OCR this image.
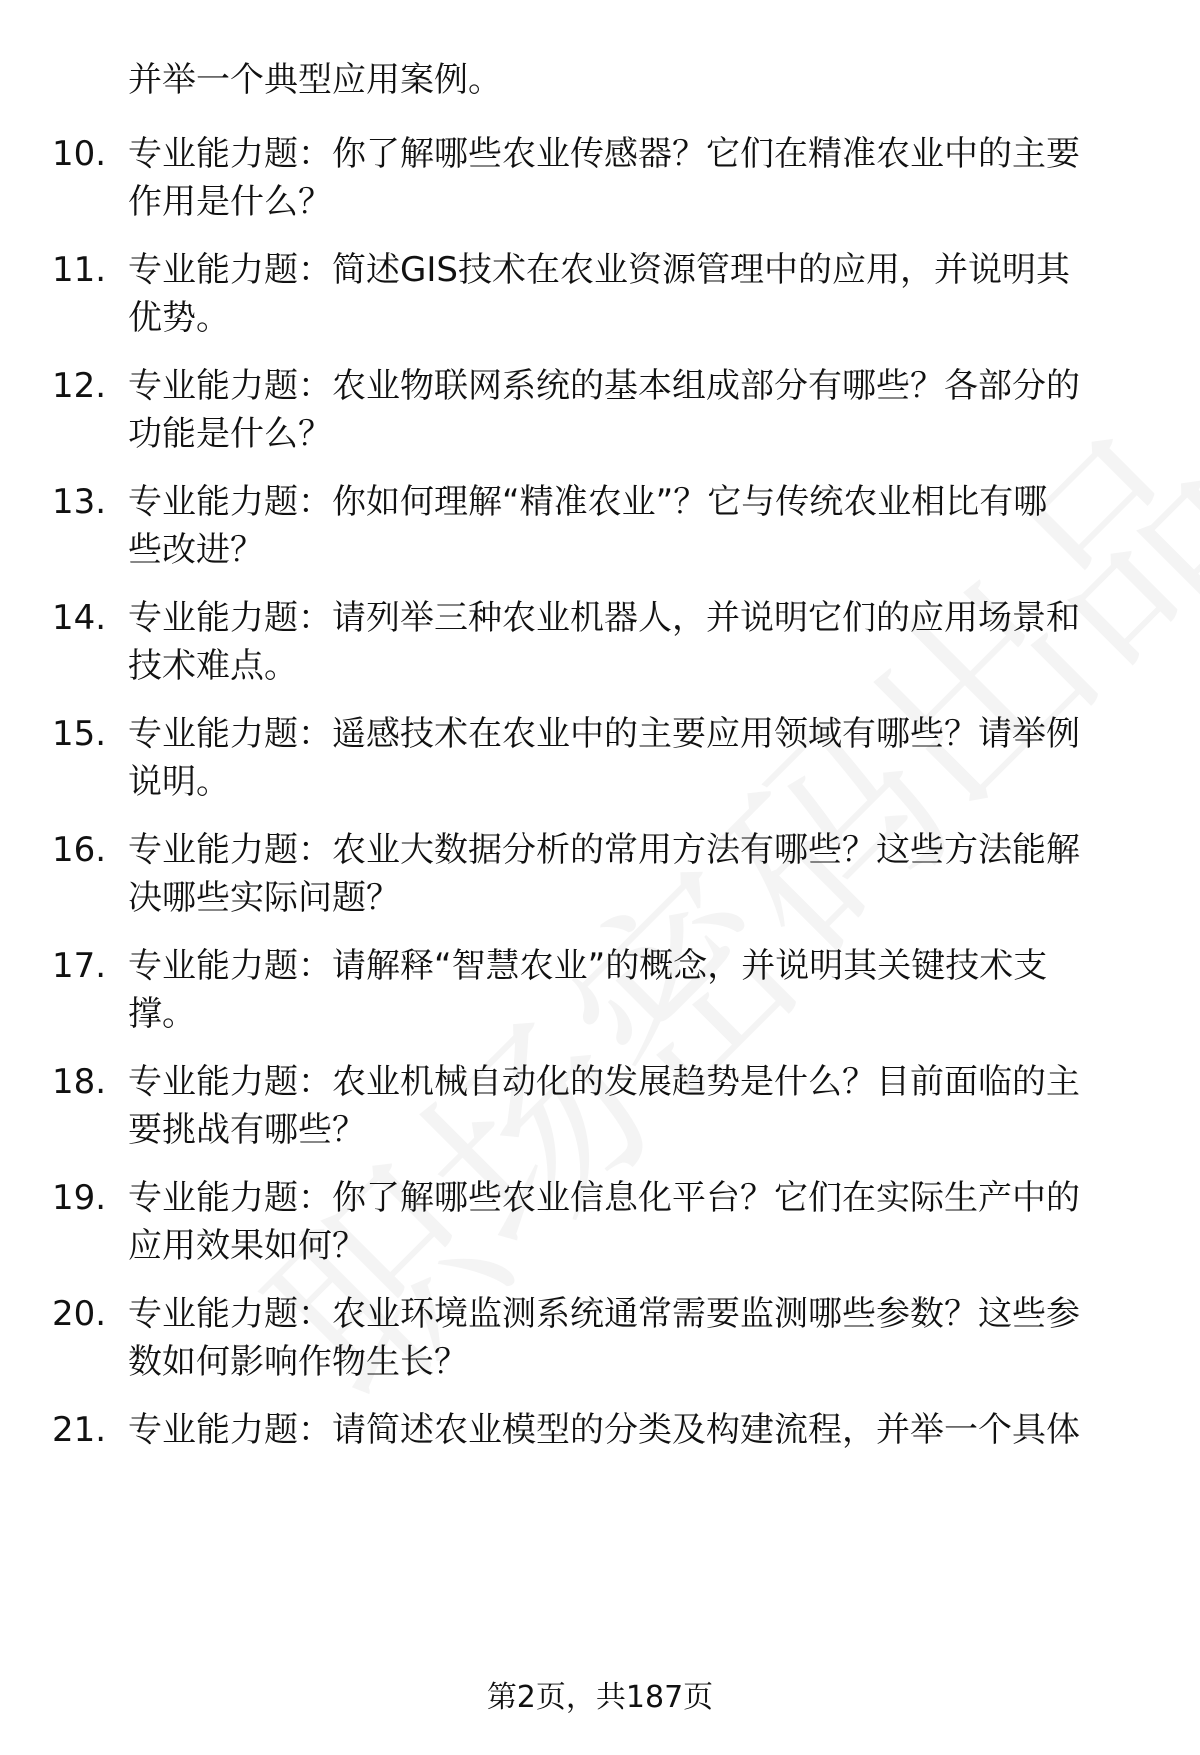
并举一个典型应用案例。
10. 专业能力题：你了解哪些农业传感器？它们在精准农业中的主要
作用是什么？
11. 专业能力题：简述GIS技术在农业资源管理中的应用，并说明其
优势。
12. 专业能力题：农业物联网系统的基本组成部分有哪些？各部分的
功能是什么？
13. 专业能力题：你如何理解“精准农业”？它与传统农业相比有哪
些改进？
14. 专业能力题：请列举三种农业机器人，并说明它们的应用场景和
技术难点。
15. 专业能力题：遥感技术在农业中的主要应用领域有哪些？请举例
说明。
16. 专业能力题：农业大数据分析的常用方法有哪些？这些方法能解
决哪些实际问题？
17. 专业能力题：请解释“智慧农业”的概念，并说明其关键技术支
撑。
18. 专业能力题：农业机械自动化的发展趋势是什么？目前面临的主
要挑战有哪些？
19. 专业能力题：你了解哪些农业信息化平台？它们在实际生产中的
应用效果如何？
20. 专业能力题：农业环境监测系统通常需要监测哪些参数？这些参
数如何影响作物生长？
21. 专业能力题：请简述农业模型的分类及构建流程，并举一个具体
第2页，共187页
